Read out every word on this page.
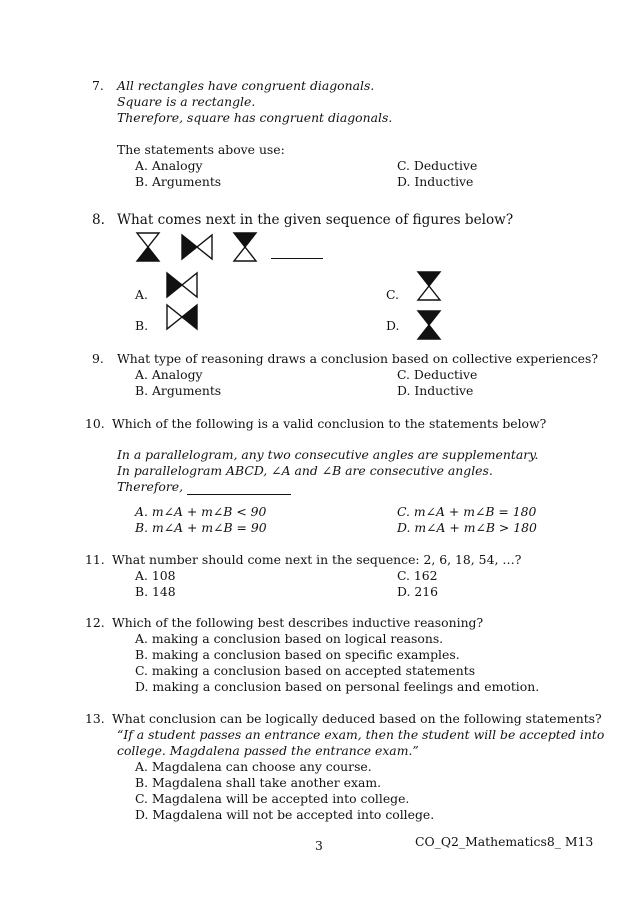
7.	All rectangles have congruent diagonals.
Square is a rectangle.
Therefore, square has congruent diagonals.
The statements above use:
A. Analogy
B. Arguments
C. Deductive
D. Inductive
8. What comes next in the given sequence of figures below?
A.
B.
C.
D.
9.	What type of reasoning draws a conclusion based on collective experiences?
A. Analogy
B. Arguments
C. Deductive
D. Inductive
10. Which of the following is a valid conclusion to the statements below?
In a parallelogram, any two consecutive angles are supplementary.
In parallelogram ABCD, ∠A and ∠B are consecutive angles.
Therefore,
A. m∠A + m∠B < 90
B. m∠A + m∠B = 90
C. m∠A + m∠B = 180
D. m∠A + m∠B > 180
11. What number should come next in the sequence: 2, 6, 18, 54, …?
A. 108
B. 148
C. 162
D. 216
12. Which of the following best describes inductive reasoning?
A. making a conclusion based on logical reasons.
B. making a conclusion based on specific examples.
C. making a conclusion based on accepted statements
D. making a conclusion based on personal feelings and emotion.
13. What conclusion can be logically deduced based on the following statements?
“If a student passes an entrance exam, then the student will be accepted into
college. Magdalena passed the entrance exam.”
A. Magdalena can choose any course.
B. Magdalena shall take another exam.
C. Magdalena will be accepted into college.
D. Magdalena will not be accepted into college.
3	CO_Q2_Mathematics8_ M13
